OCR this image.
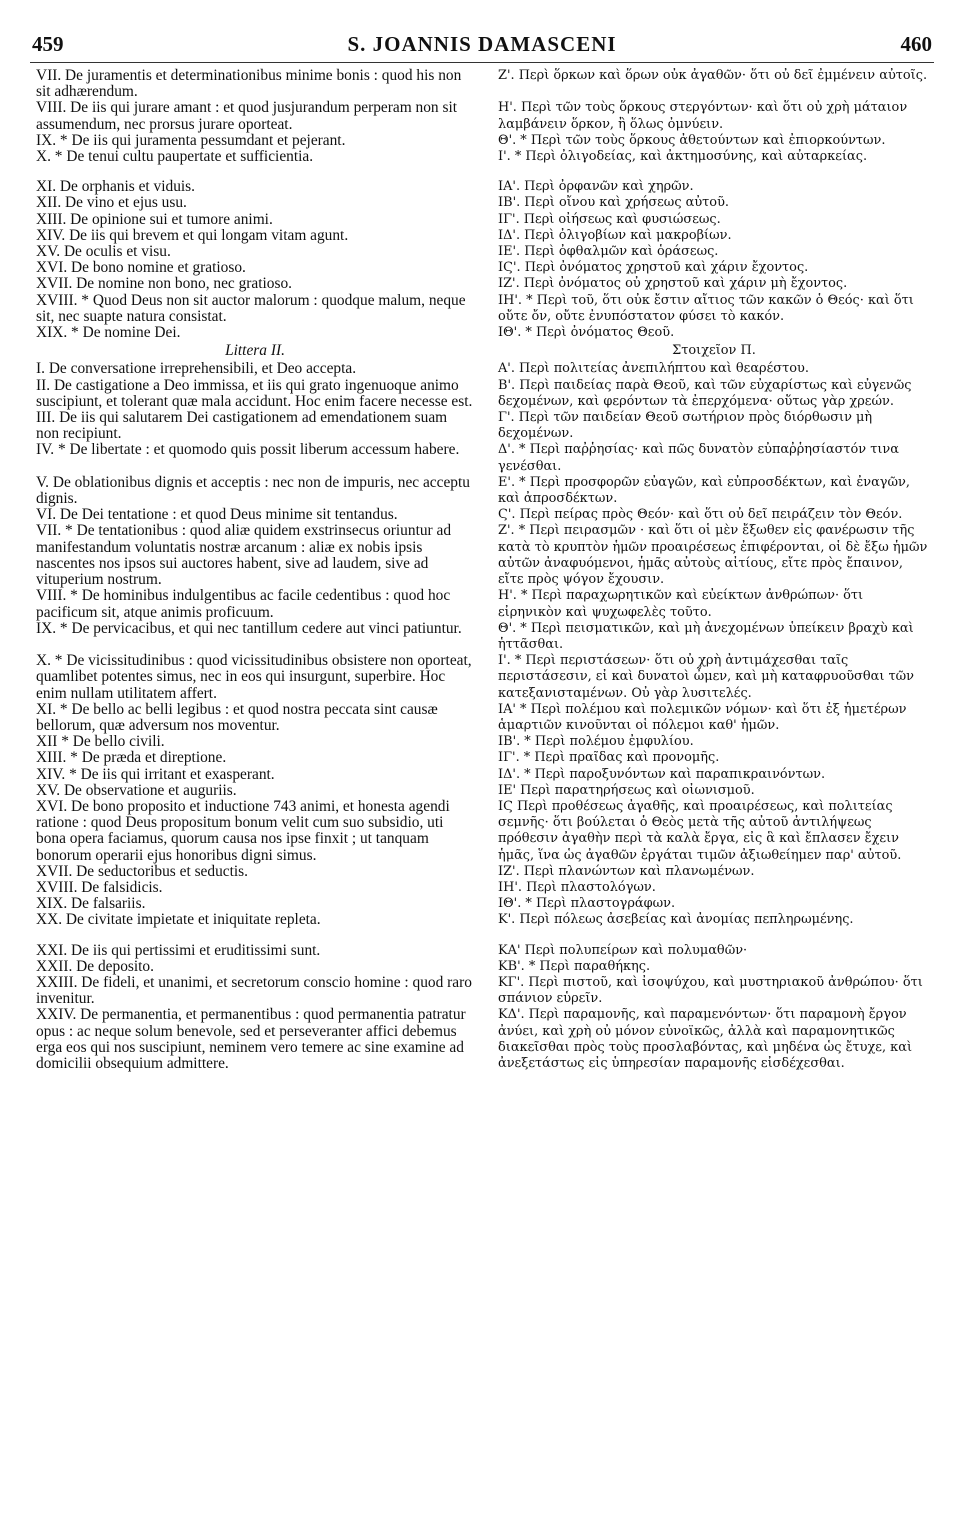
459	S. JOANNIS DAMASCENI	460
VII. De juramentis et determinationibus minime bonis : quod his non sit adhærendum.
VIII. De iis qui jurare amant : et quod jusjurandum perperam non sit assumendum, nec prorsus jurare oporteat.
IX. * De iis qui juramenta pessumdant et pejerant.
X. * De tenui cultu paupertate et sufficientia.
XI. De orphanis et viduis.
XII. De vino et ejus usu.
XIII. De opinione sui et tumore animi.
XIV. De iis qui brevem et qui longam vitam agunt.
XV. De oculis et visu.
XVI. De bono nomine et gratioso.
XVII. De nomine non bono, nec gratioso.
XVIII. * Quod Deus non sit auctor malorum : quodque malum, neque sit, nec suapte natura consistat.
XIX. * De nomine Dei.
Littera II.
I. De conversatione irreprehensibili, et Deo accepta.
II. De castigatione a Deo immissa, et iis qui grato ingenuoque animo suscipiunt, et tolerant quæ mala accidunt. Hoc enim facere necesse est.
III. De iis qui salutarem Dei castigationem ad emendationem suam non recipiunt.
IV. * De libertate : et quomodo quis possit liberum accessum habere.
V. De oblationibus dignis et acceptis : nec non de impuris, nec acceptu dignis.
VI. De Dei tentatione : et quod Deus minime sit tentandus.
VII. * De tentationibus : quod aliæ quidem exstrinsecus oriuntur ad manifestandum voluntatis nostræ arcanum : aliæ ex nobis ipsis nascentes nos ipsos sui auctores habent, sive ad laudem, sive ad vituperium nostrum.
VIII. * De hominibus indulgentibus ac facile cedentibus : quod hoc pacificum sit, atque animis proficuum.
IX. * De pervicacibus, et qui nec tantillum cedere aut vinci patiuntur.
X. * De vicissitudinibus : quod vicissitudinibus obsistere non oporteat, quamlibet potentes simus, nec in eos qui insurgunt, superbire. Hoc enim nullam utilitatem affert.
XI. * De bello ac belli legibus : et quod nostra peccata sint causæ bellorum, quæ adversum nos moventur.
XII * De bello civili.
XIII. * De præda et direptione.
XIV. * De iis qui irritant et exasperant.
XV. De observatione et auguriis.
XVI. De bono proposito et inductione 743 animi, et honesta agendi ratione : quod Deus propositum bonum velit cum suo subsidio, uti bona opera faciamus, quorum causa nos ipse finxit ; ut tanquam bonorum operarii ejus honoribus digni simus.
XVII. De seductoribus et seductis.
XVIII. De falsidicis.
XIX. De falsariis.
XX. De civitate impietate et iniquitate repleta.
XXI. De iis qui pertissimi et eruditissimi sunt.
XXII. De deposito.
XXIII. De fideli, et unanimi, et secretorum conscio homine : quod raro invenitur.
XXIV. De permanentia, et permanentibus : quod permanentia patratur opus : ac neque solum benevole, sed et perseveranter affici debemus erga eos qui nos suscipiunt, neminem vero temere ac sine examine ad domicilii obsequium admittere.
Ζ'. Περὶ ὅρκων καὶ ὅρων οὐκ ἀγαθῶν· ὅτι οὐ δεῖ ἐμμένειν αὐτοῖς.
Η'. Περὶ τῶν τοὺς ὅρκους στεργόντων· καὶ ὅτι οὐ χρὴ μάταιον λαμβάνειν ὅρκον, ἢ ὅλως ὀμνύειν.
Θ'. * Περὶ τῶν τοὺς ὅρκους ἀθετούντων καὶ ἐπιορκούντων.
Ι'. * Περὶ ὀλιγοδείας, καὶ ἀκτημοσύνης, καὶ αὐταρκείας.
ΙΑ'. Περὶ ὀρφανῶν καὶ χηρῶν.
ΙΒ'. Περὶ οἴνου καὶ χρήσεως αὐτοῦ.
ΙΓ'. Περὶ οἰήσεως καὶ φυσιώσεως.
ΙΔ'. Περὶ ὀλιγοβίων καὶ μακροβίων.
ΙΕ'. Περὶ ὀφθαλμῶν καὶ ὁράσεως.
ΙϚ'. Περὶ ὀνόματος χρηστοῦ καὶ χάριν ἔχοντος.
ΙΖ'. Περὶ ὀνόματος οὐ χρηστοῦ καὶ χάριν μὴ ἔχοντος.
ΙΗ'. * Περὶ τοῦ, ὅτι οὐκ ἔστιν αἴτιος τῶν κακῶν ὁ Θεός· καὶ ὅτι οὔτε ὄν, οὔτε ἐνυπόστατον φύσει τὸ κακόν.
ΙΘ'. * Περὶ ὀνόματος Θεοῦ.
Στοιχεῖον Π.
Α'. Περὶ πολιτείας ἀνεπιλήπτου καὶ θεαρέστου.
Β'. Περὶ παιδείας παρὰ Θεοῦ, καὶ τῶν εὐχαρίστως καὶ εὐγενῶς δεχομένων, καὶ φερόντων τὰ ἐπερχόμενα· οὕτως γὰρ χρεών.
Γ'. Περὶ τῶν παιδείαν Θεοῦ σωτήριον πρὸς διόρθωσιν μὴ δεχομένων.
Δ'. * Περὶ παῤῥησίας· καὶ πῶς δυνατὸν εὐπαῤῥησίαστόν τινα γενέσθαι.
Ε'. * Περὶ προσφορῶν εὐαγῶν, καὶ εὐπροσδέκτων, καὶ ἐναγῶν, καὶ ἀπροσδέκτων.
Ϛ'. Περὶ πείρας πρὸς Θεόν· καὶ ὅτι οὐ δεῖ πειράζειν τὸν Θεόν.
Ζ'. * Περὶ πειρασμῶν · καὶ ὅτι οἱ μὲν ἔξωθεν εἰς φανέρωσιν τῆς κατὰ τὸ κρυπτὸν ἡμῶν προαιρέσεως ἐπιφέρονται, οἱ δὲ ἔξω ἡμῶν αὐτῶν ἀναφυόμενοι, ἡμᾶς αὐτοὺς αἰτίους, εἴτε πρὸς ἔπαινον, εἴτε πρὸς ψόγον ἔχουσιν.
Η'. * Περὶ παραχωρητικῶν καὶ εὐείκτων ἀνθρώπων· ὅτι εἰρηνικὸν καὶ ψυχωφελὲς τοῦτο.
Θ'. * Περὶ πεισματικῶν, καὶ μὴ ἀνεχομένων ὑπείκειν βραχὺ καὶ ἡττᾶσθαι.
Ι'. * Περὶ περιστάσεων· ὅτι οὐ χρὴ ἀντιμάχεσθαι ταῖς περιστάσεσιν, εἰ καὶ δυνατοὶ ὦμεν, καὶ μὴ καταφρυοῦσθαι τῶν κατεξανισταμένων. Οὐ γὰρ λυσιτελές.
ΙΑ' * Περὶ πολέμου καὶ πολεμικῶν νόμων· καὶ ὅτι ἐξ ἡμετέρων ἁμαρτιῶν κινοῦνται οἱ πόλεμοι καθ' ἡμῶν.
ΙΒ'. * Περὶ πολέμου ἐμφυλίου.
ΙΓ'. * Περὶ πραῖδας καὶ προνομῆς.
ΙΔ'. * Περὶ παροξυνόντων καὶ παραπικραινόντων.
ΙΕ' Περὶ παρατηρήσεως καὶ οἰωνισμοῦ.
ΙϚ Περὶ προθέσεως ἀγαθῆς, καὶ προαιρέσεως, καὶ πολιτείας σεμνῆς· ὅτι βούλεται ὁ Θεὸς μετὰ τῆς αὐτοῦ ἀντιλήψεως πρόθεσιν ἀγαθὴν περὶ τὰ καλὰ ἔργα, εἰς ἃ καὶ ἔπλασεν ἔχειν ἡμᾶς, ἵνα ὡς ἀγαθῶν ἐργάται τιμῶν ἀξιωθείημεν παρ' αὐτοῦ.
ΙΖ'. Περὶ πλανώντων καὶ πλανωμένων.
ΙΗ'. Περὶ πλαστολόγων.
ΙΘ'. * Περὶ πλαστογράφων.
Κ'. Περὶ πόλεως ἀσεβείας καὶ ἀνομίας πεπληρωμένης.
ΚΑ' Περὶ πολυπείρων καὶ πολυμαθῶν·
ΚΒ'. * Περὶ παραθήκης.
ΚΓ'. Περὶ πιστοῦ, καὶ ἰσοψύχου, καὶ μυστηριακοῦ ἀνθρώπου· ὅτι σπάνιον εὑρεῖν.
ΚΔ'. Περὶ παραμονῆς, καὶ παραμενόντων· ὅτι παραμονὴ ἔργον ἀνύει, καὶ χρὴ οὐ μόνον εὐνοϊκῶς, ἀλλὰ καὶ παραμονητικῶς διακεῖσθαι πρὸς τοὺς προσλαβόντας, καὶ μηδένα ὡς ἔτυχε, καὶ ἀνεξετάστως εἰς ὑπηρεσίαν παραμονῆς εἰσδέχεσθαι.
